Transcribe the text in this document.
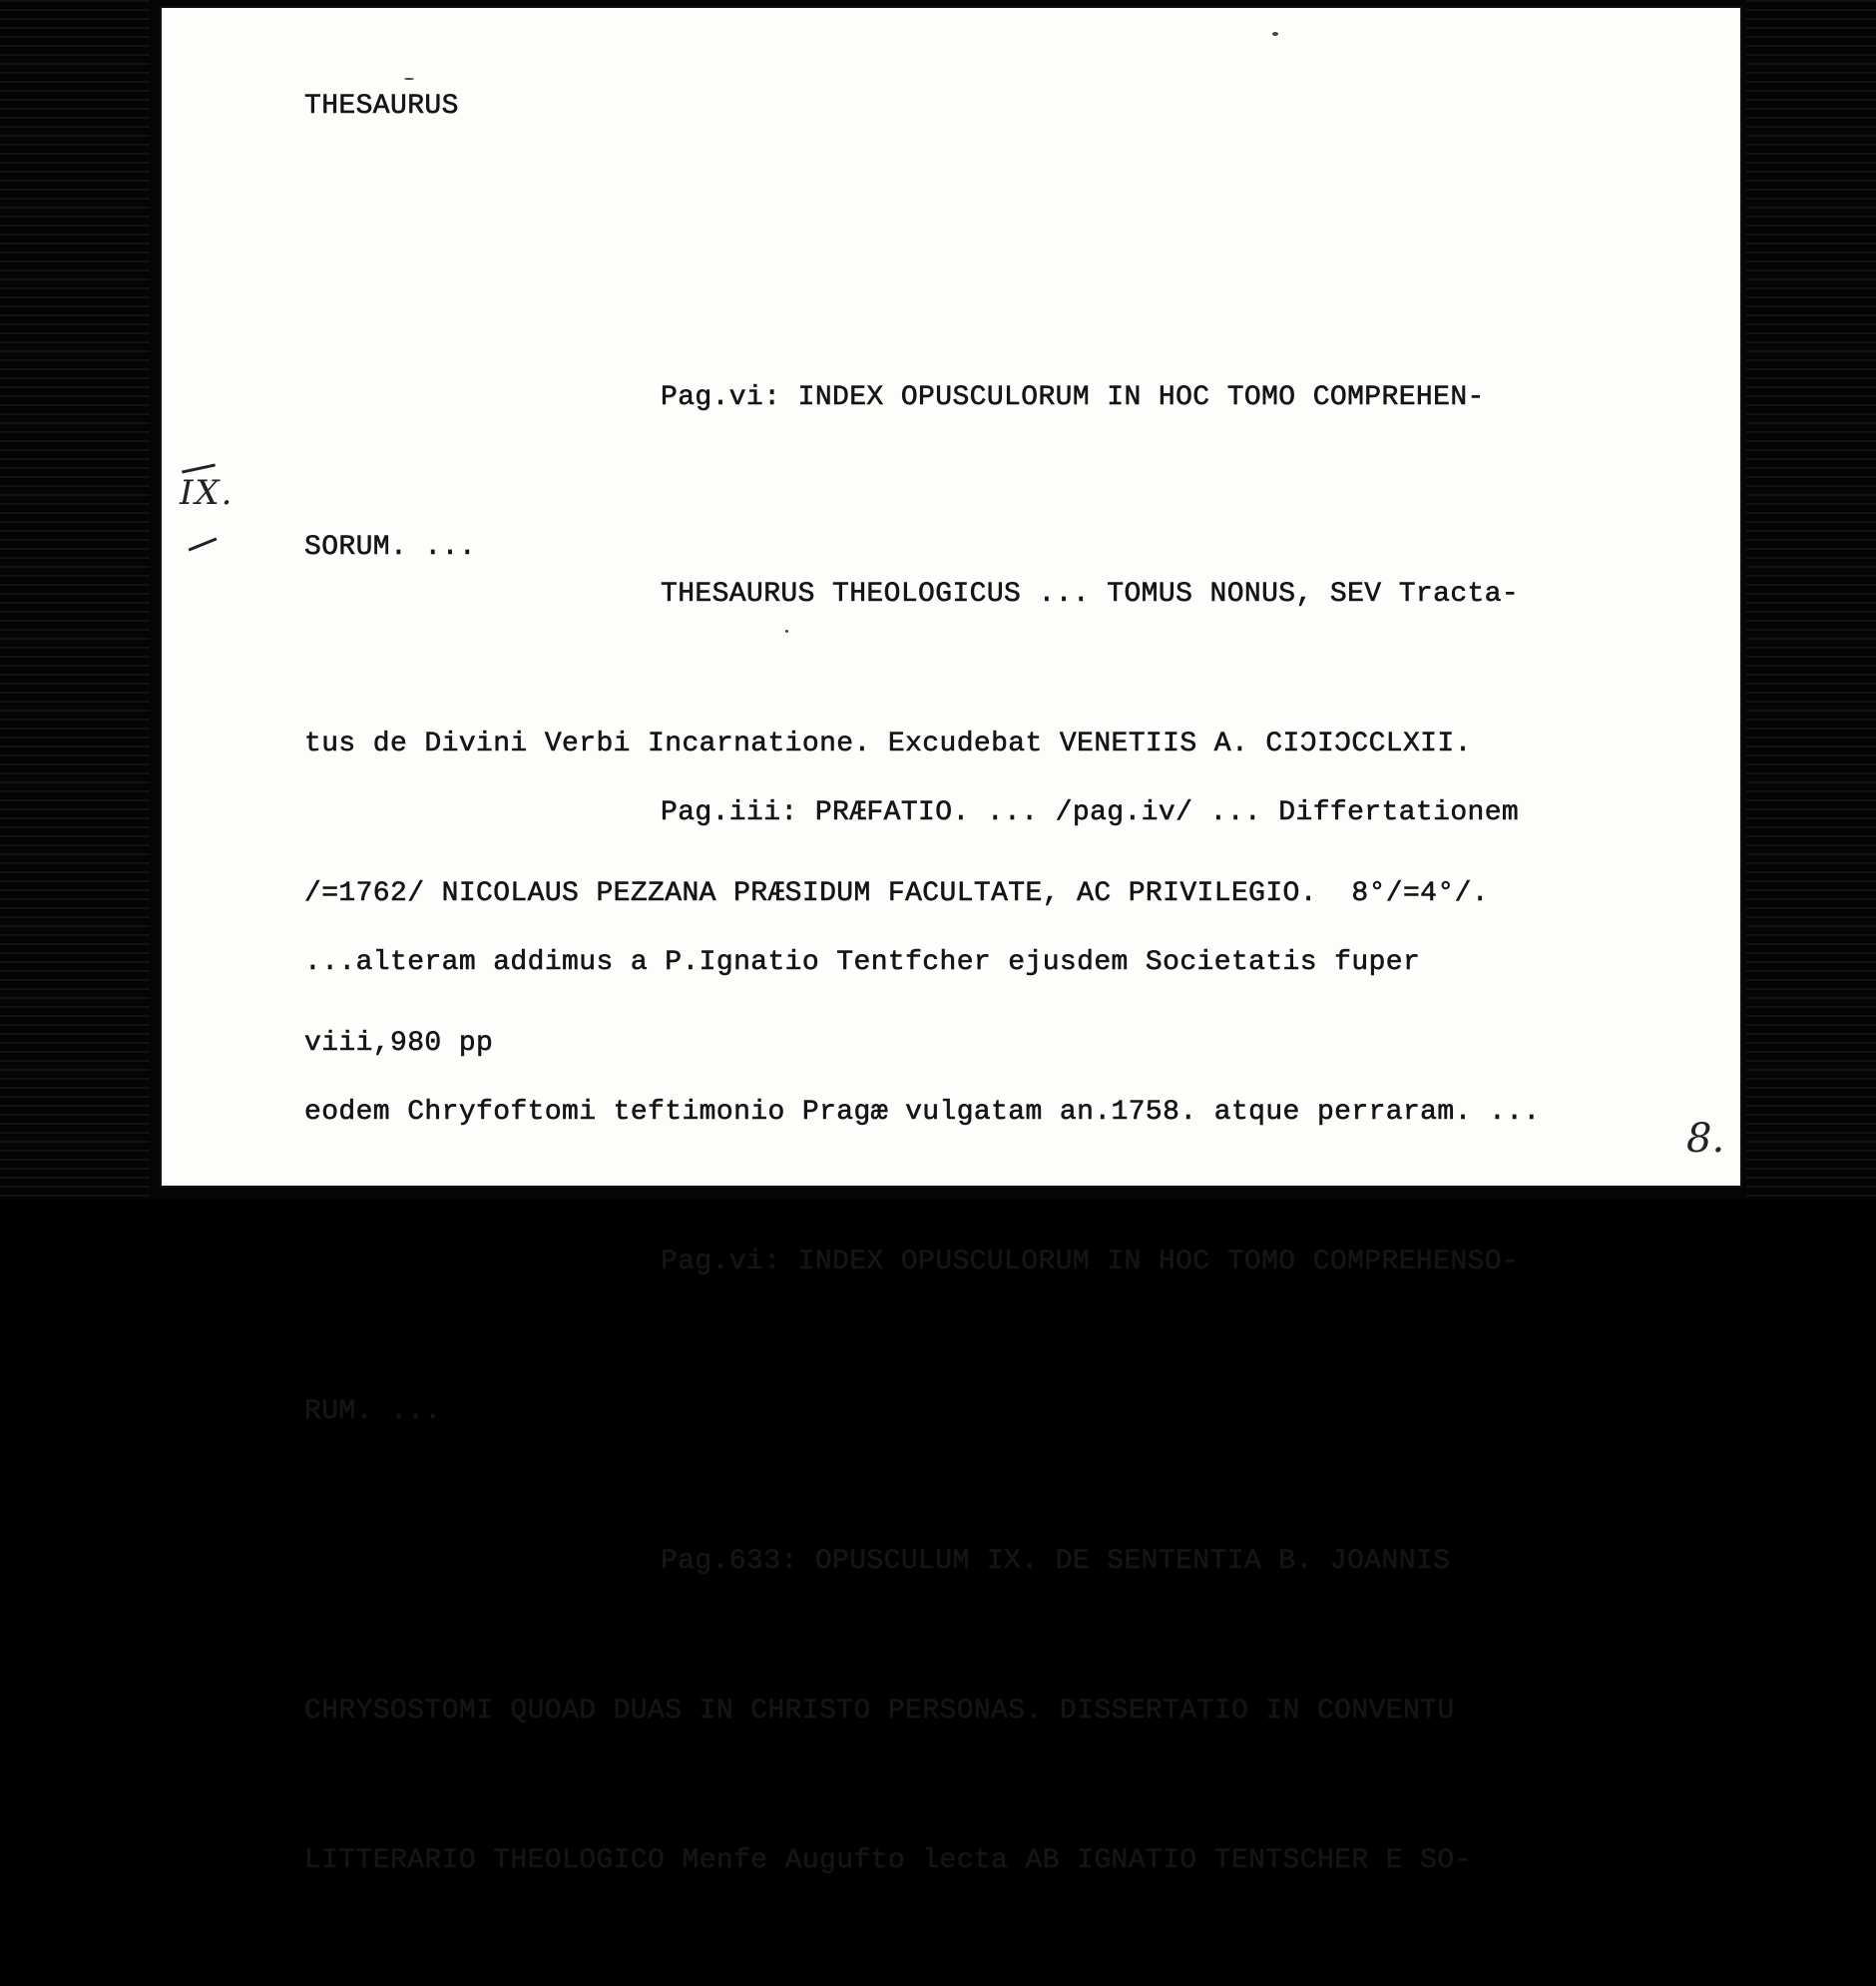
THESAURUS

Pag.vi: INDEX OPUSCULORUM IN HOC TOMO COMPREHEN-

SORUM. ...

THESAURUS THEOLOGICUS ... TOMUS NONUS, SEV Tracta-

tus de Divini Verbi Incarnatione. Excudebat VENETIIS A. CIƆIƆCCLXII.

/=1762/ NICOLAUS PEZZANA PRÆSIDUM FACULTATE, AC PRIVILEGIO.  8°/=4°/.

viii,980 pp

Pag.iii: PRÆFATIO. ... /pag.iv/ ... Differtationem

...alteram addimus a P.Ignatio Tentfcher ejusdem Societatis fuper

eodem Chryfoftomi teftimonio Pragæ vulgatam an.1758. atque perraram. ...

Pag.vi: INDEX OPUSCULORUM IN HOC TOMO COMPREHENSO-

RUM. ...

Pag.633: OPUSCULUM IX. DE SENTENTIA B. JOANNIS

CHRYSOSTOMI QUOAD DUAS IN CHRISTO PERSONAS. DISSERTATIO IN CONVENTU

LITTERARIO THEOLOGICO Menfe Augufto lecta AB IGNATIO TENTSCHER E SO-

IX.
8.
